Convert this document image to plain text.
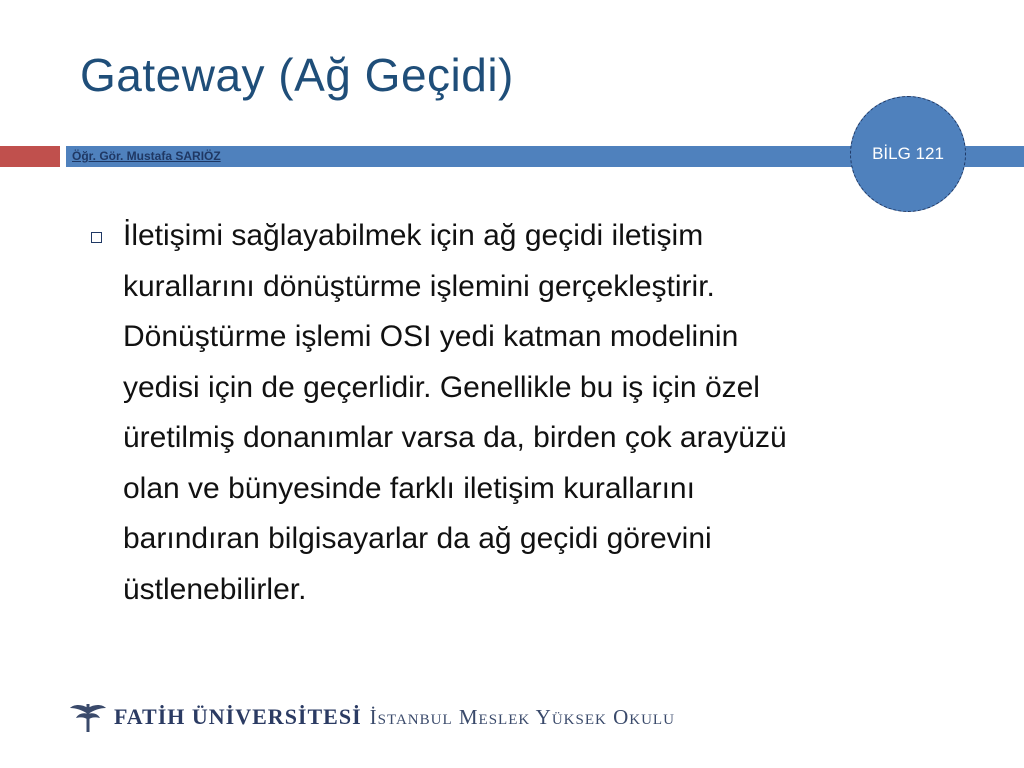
Gateway (Ağ Geçidi)
Öğr. Gör. Mustafa SARIÖZ	BİLG 121
İletişimi sağlayabilmek için ağ geçidi iletişim
kurallarını dönüştürme işlemini gerçekleştirir.
Dönüştürme işlemi OSI yedi katman modelinin
yedisi için de geçerlidir. Genellikle bu iş için özel
üretilmiş donanımlar varsa da, birden çok arayüzü
olan ve bünyesinde farklı iletişim kurallarını
barındıran bilgisayarlar da ağ geçidi görevini
üstlenebilirler.
FATİH ÜNİVERSİTESİ İstanbul Meslek Yüksek Okulu
